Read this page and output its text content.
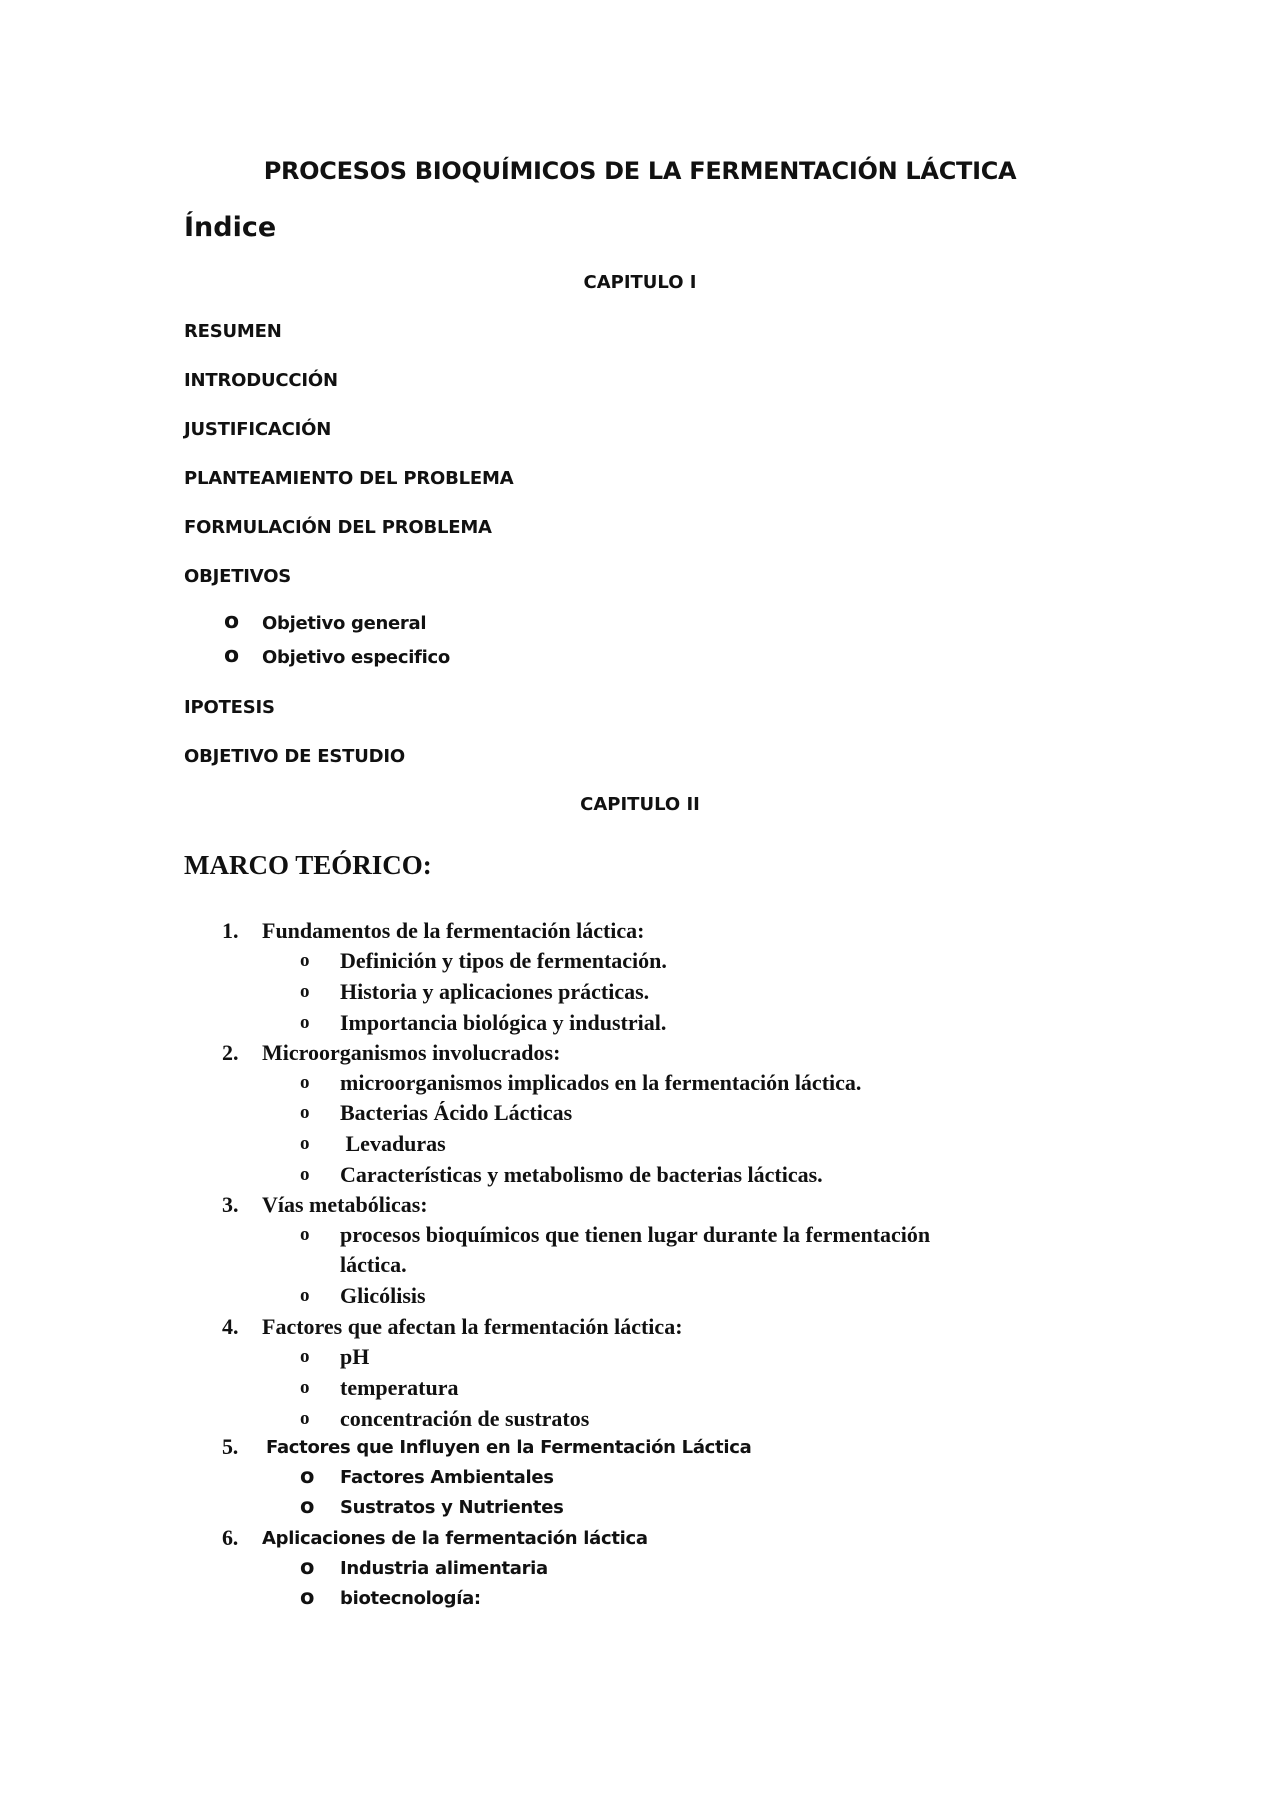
PROCESOS BIOQUÍMICOS DE LA FERMENTACIÓN LÁCTICA
Índice
CAPITULO I
RESUMEN
INTRODUCCIÓN
JUSTIFICACIÓN
PLANTEAMIENTO DEL PROBLEMA
FORMULACIÓN DEL PROBLEMA
OBJETIVOS
o Objetivo general
o Objetivo especifico
IPOTESIS
OBJETIVO DE ESTUDIO
CAPITULO II
MARCO TEÓRICO:
1. Fundamentos de la fermentación láctica:
o Definición y tipos de fermentación.
o Historia y aplicaciones prácticas.
o Importancia biológica y industrial.
2. Microorganismos involucrados:
o microorganismos implicados en la fermentación láctica.
o Bacterias Ácido Lácticas
o Levaduras
o Características y metabolismo de bacterias lácticas.
3. Vías metabólicas:
o procesos bioquímicos que tienen lugar durante la fermentación
láctica.
o Glicólisis
4. Factores que afectan la fermentación láctica:
o pH
o temperatura
o concentración de sustratos
5. Factores que Influyen en la Fermentación Láctica
o Factores Ambientales
o Sustratos y Nutrientes
6. Aplicaciones de la fermentación láctica
o Industria alimentaria
o biotecnología:
